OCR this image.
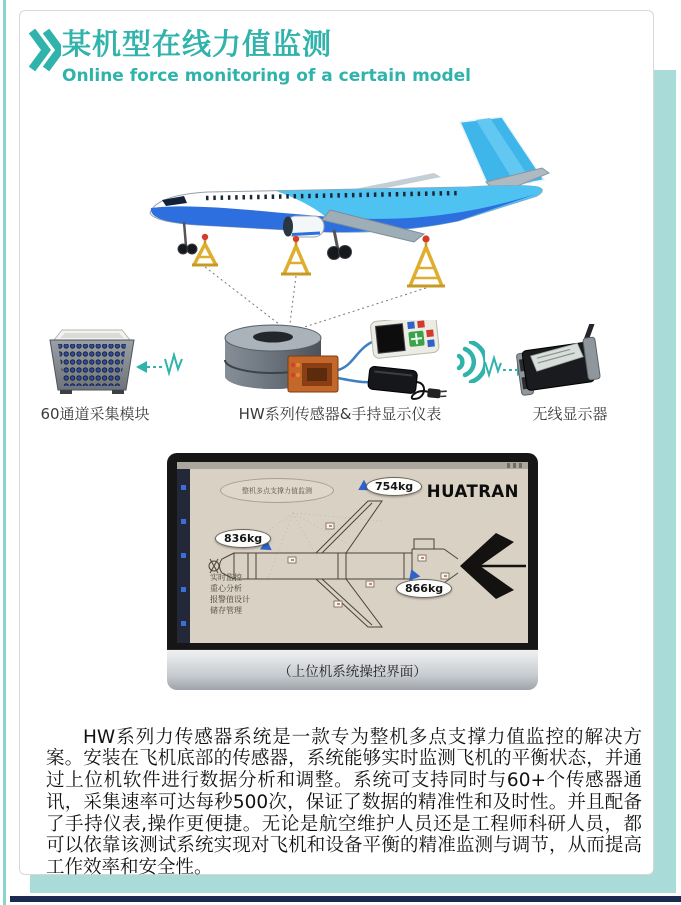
某机型在线力值监测

Online force monitoring of a certain model

60通道采集模块	HW系列传感器&手持显示仪表	无线显示器
整机多点支撑力值监测	HUATRAN
836kg
754kg
866kg
实时监控
重心分析
报警值设计
储存管理
（上位机系统操控界面）

HW系列力传感器系统是一款专为整机多点支撑力值监控的解决方案。安装在飞机底部的传感器，系统能够实时监测飞机的平衡状态，并通过上位机软件进行数据分析和调整。系统可支持同时与60+个传感器通讯，采集速率可达每秒500次，保证了数据的精准性和及时性。并且配备了手持仪表,操作更便捷。无论是航空维护人员还是工程师科研人员，都可以依靠该测试系统实现对飞机和设备平衡的精准监测与调节，从而提高工作效率和安全性。
